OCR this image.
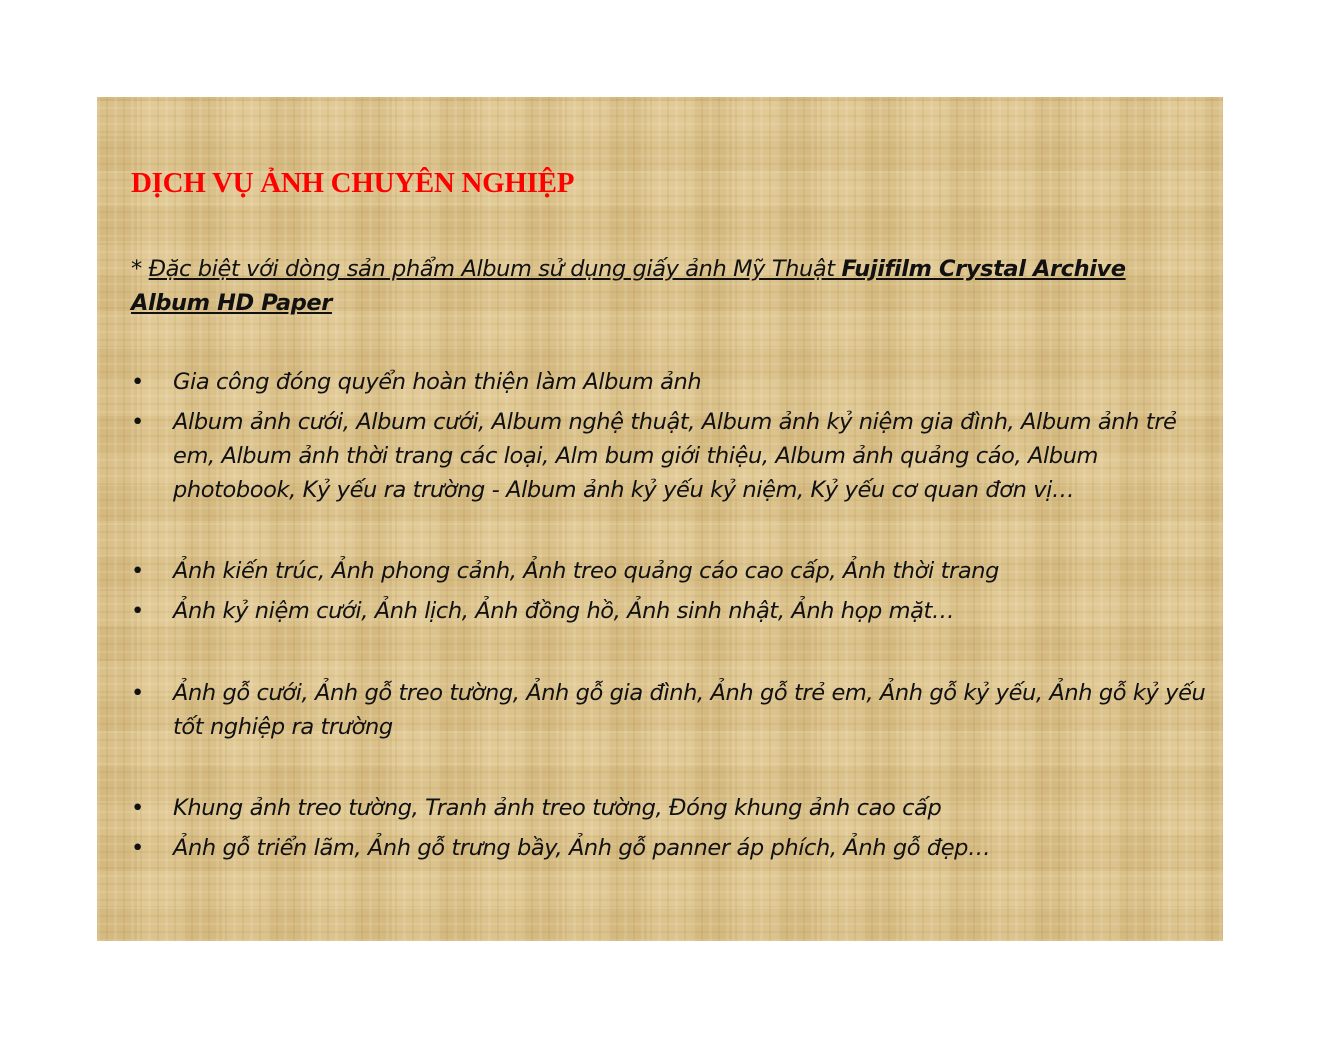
DỊCH VỤ ẢNH CHUYÊN NGHIỆP

* Đặc biệt với dòng sản phẩm Album sử dụng giấy ảnh Mỹ Thuật Fujifilm Crystal Archive Album HD Paper

•	Gia công đóng quyển hoàn thiện làm Album ảnh
•	Album ảnh cưới, Album cưới, Album nghệ thuật, Album ảnh kỷ niệm gia đình, Album ảnh trẻ em, Album ảnh thời trang các loại, Alm bum giới thiệu, Album ảnh quảng cáo, Album photobook, Kỷ yếu ra trường - Album ảnh kỷ yếu kỷ niệm, Kỷ yếu cơ quan đơn vị…
•	Ảnh kiến trúc, Ảnh phong cảnh, Ảnh treo quảng cáo cao cấp, Ảnh thời trang
•	Ảnh kỷ niệm cưới, Ảnh lịch, Ảnh đồng hồ, Ảnh sinh nhật, Ảnh họp mặt…
•	Ảnh gỗ cưới, Ảnh gỗ treo tường, Ảnh gỗ gia đình, Ảnh gỗ trẻ em, Ảnh gỗ kỷ yếu, Ảnh gỗ kỷ yếu tốt nghiệp ra trường
•	Khung ảnh treo tường, Tranh ảnh treo tường, Đóng khung ảnh cao cấp
•	Ảnh gỗ triển lãm, Ảnh gỗ trưng bầy, Ảnh gỗ panner áp phích, Ảnh gỗ đẹp…
